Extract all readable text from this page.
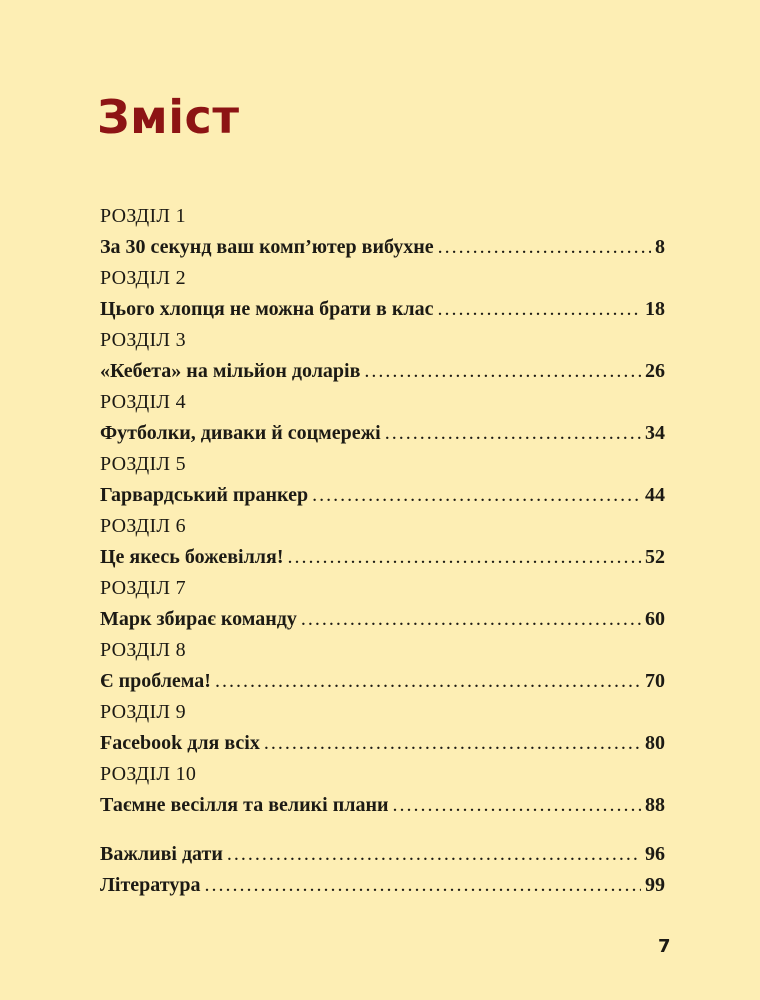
Зміст
РОЗДІЛ 1
За 30 секунд ваш комп’ютер вибухне .....	8
РОЗДІЛ 2
Цього хлопця не можна брати в клас .....	18
РОЗДІЛ 3
«Кебета» на мільйон доларів .....	26
РОЗДІЛ 4
Футболки, диваки й соцмережі .....	34
РОЗДІЛ 5
Гарвардський пранкер .....	44
РОЗДІЛ 6
Це якесь божевілля! .....	52
РОЗДІЛ 7
Марк збирає команду .....	60
РОЗДІЛ 8
Є проблема! .....	70
РОЗДІЛ 9
Facebook для всіх .....	80
РОЗДІЛ 10
Таємне весілля та великі плани .....	88
Важливі дати .....	96
Література .....	99
7
